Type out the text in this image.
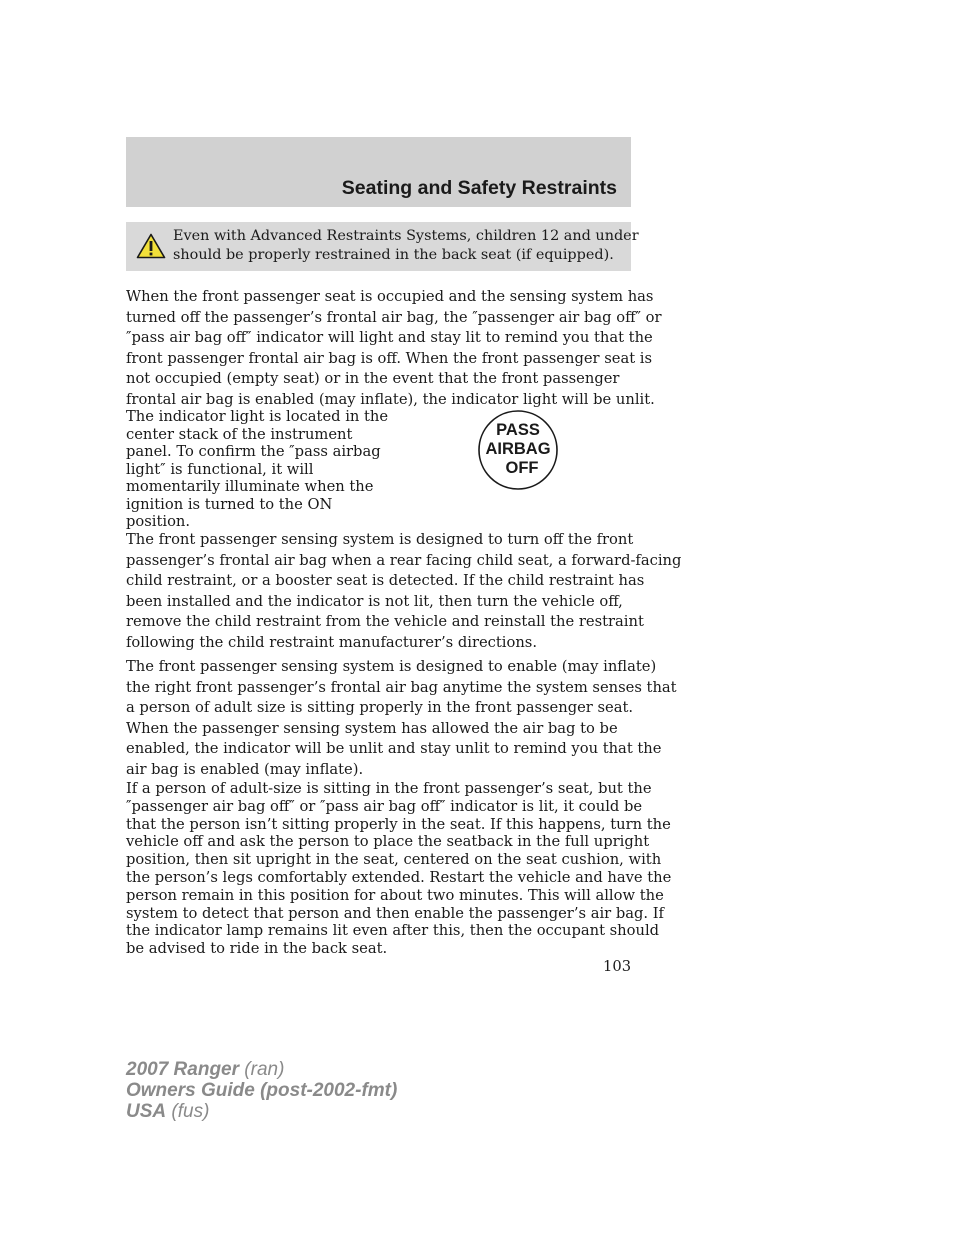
Seating and Safety Restraints
Even with Advanced Restraints Systems, children 12 and under
should be properly restrained in the back seat (if equipped).
When the front passenger seat is occupied and the sensing system has
turned off the passenger’s frontal air bag, the ″passenger air bag off″ or
″pass air bag off″ indicator will light and stay lit to remind you that the
front passenger frontal air bag is off. When the front passenger seat is
not occupied (empty seat) or in the event that the front passenger
frontal air bag is enabled (may inflate), the indicator light will be unlit.
The indicator light is located in the
center stack of the instrument
panel. To confirm the ″pass airbag
light″ is functional, it will
momentarily illuminate when the
ignition is turned to the ON
position.
PASS
AIRBAG
OFF
The front passenger sensing system is designed to turn off the front
passenger’s frontal air bag when a rear facing child seat, a forward-facing
child restraint, or a booster seat is detected. If the child restraint has
been installed and the indicator is not lit, then turn the vehicle off,
remove the child restraint from the vehicle and reinstall the restraint
following the child restraint manufacturer’s directions.
The front passenger sensing system is designed to enable (may inflate)
the right front passenger’s frontal air bag anytime the system senses that
a person of adult size is sitting properly in the front passenger seat.
When the passenger sensing system has allowed the air bag to be
enabled, the indicator will be unlit and stay unlit to remind you that the
air bag is enabled (may inflate).
If a person of adult-size is sitting in the front passenger’s seat, but the
″passenger air bag off″ or ″pass air bag off″ indicator is lit, it could be
that the person isn’t sitting properly in the seat. If this happens, turn the
vehicle off and ask the person to place the seatback in the full upright
position, then sit upright in the seat, centered on the seat cushion, with
the person’s legs comfortably extended. Restart the vehicle and have the
person remain in this position for about two minutes. This will allow the
system to detect that person and then enable the passenger’s air bag. If
the indicator lamp remains lit even after this, then the occupant should
be advised to ride in the back seat.
103
2007 Ranger (ran)
Owners Guide (post-2002-fmt)
USA (fus)
